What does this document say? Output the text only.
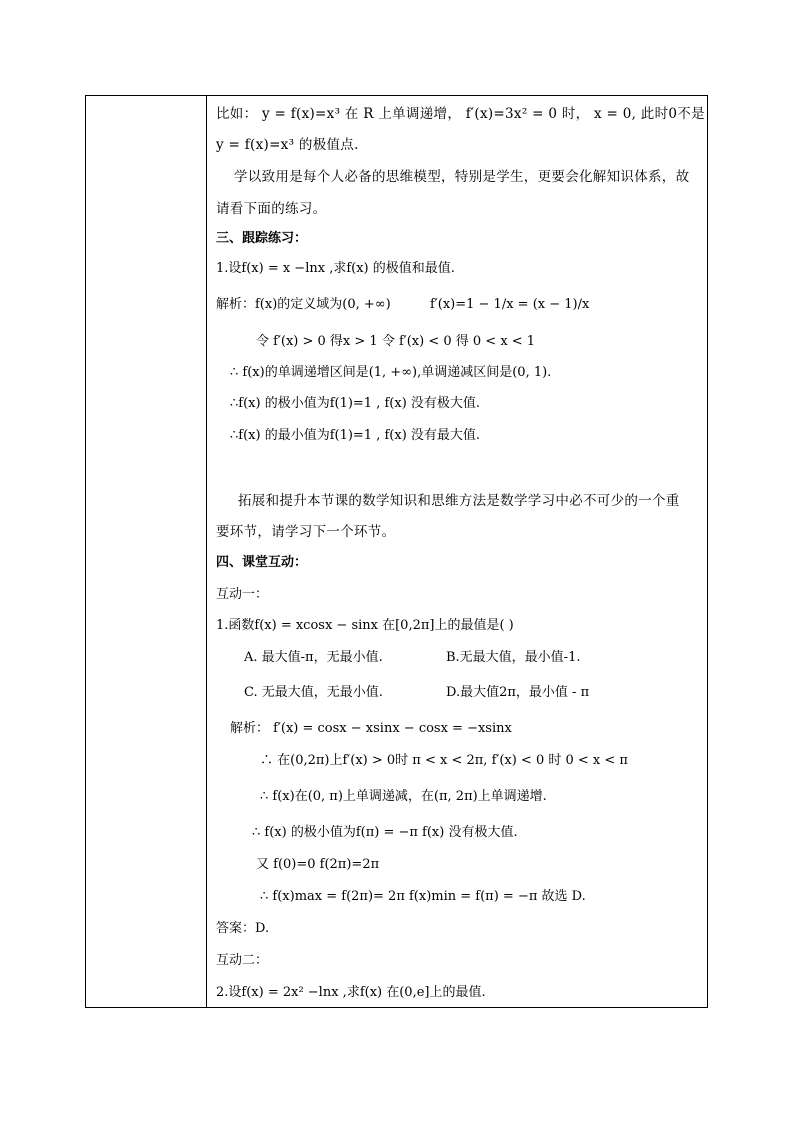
比如： y = f(x)=x³ 在 R 上单调递增， f′(x)=3x² = 0 时， x = 0, 此时0不是
y = f(x)=x³ 的极值点.
学以致用是每个人必备的思维模型，特别是学生，更要会化解知识体系，故
请看下面的练习。
三、跟踪练习：
1.设f(x) = x −lnx ,求f(x) 的极值和最值.
解析：f(x)的定义域为(0, +∞)	f′(x)=1 − 1/x = (x − 1)/x
令 f′(x) > 0 得x > 1 令 f′(x) < 0 得 0 < x < 1
∴ f(x)的单调递增区间是(1, +∞),单调递减区间是(0, 1).
∴f(x) 的极小值为f(1)=1 , f(x) 没有极大值.
∴f(x) 的最小值为f(1)=1 , f(x) 没有最大值.
拓展和提升本节课的数学知识和思维方法是数学学习中必不可少的一个重
要环节，请学习下一个环节。
四、课堂互动：
互动一：
1.函数f(x) = xcosx − sinx 在[0,2π]上的最值是( )
A. 最大值-π，无最小值.	B.无最大值，最小值-1.
C. 无最大值，无最小值.	D.最大值2π，最小值 - π
解析： f′(x) = cosx − xsinx − cosx = −xsinx
∴ 在(0,2π)上f′(x) > 0时 π < x < 2π, f′(x) < 0 时 0 < x < π
∴ f(x)在(0, π)上单调递减，在(π, 2π)上单调递增.
∴ f(x) 的极小值为f(π) = −π f(x) 没有极大值.
又 f(0)=0 f(2π)=2π
∴ f(x)max = f(2π)= 2π f(x)min = f(π) = −π 故选 D.
答案：D.
互动二：
2.设f(x) = 2x² −lnx ,求f(x) 在(0,e]上的最值.
